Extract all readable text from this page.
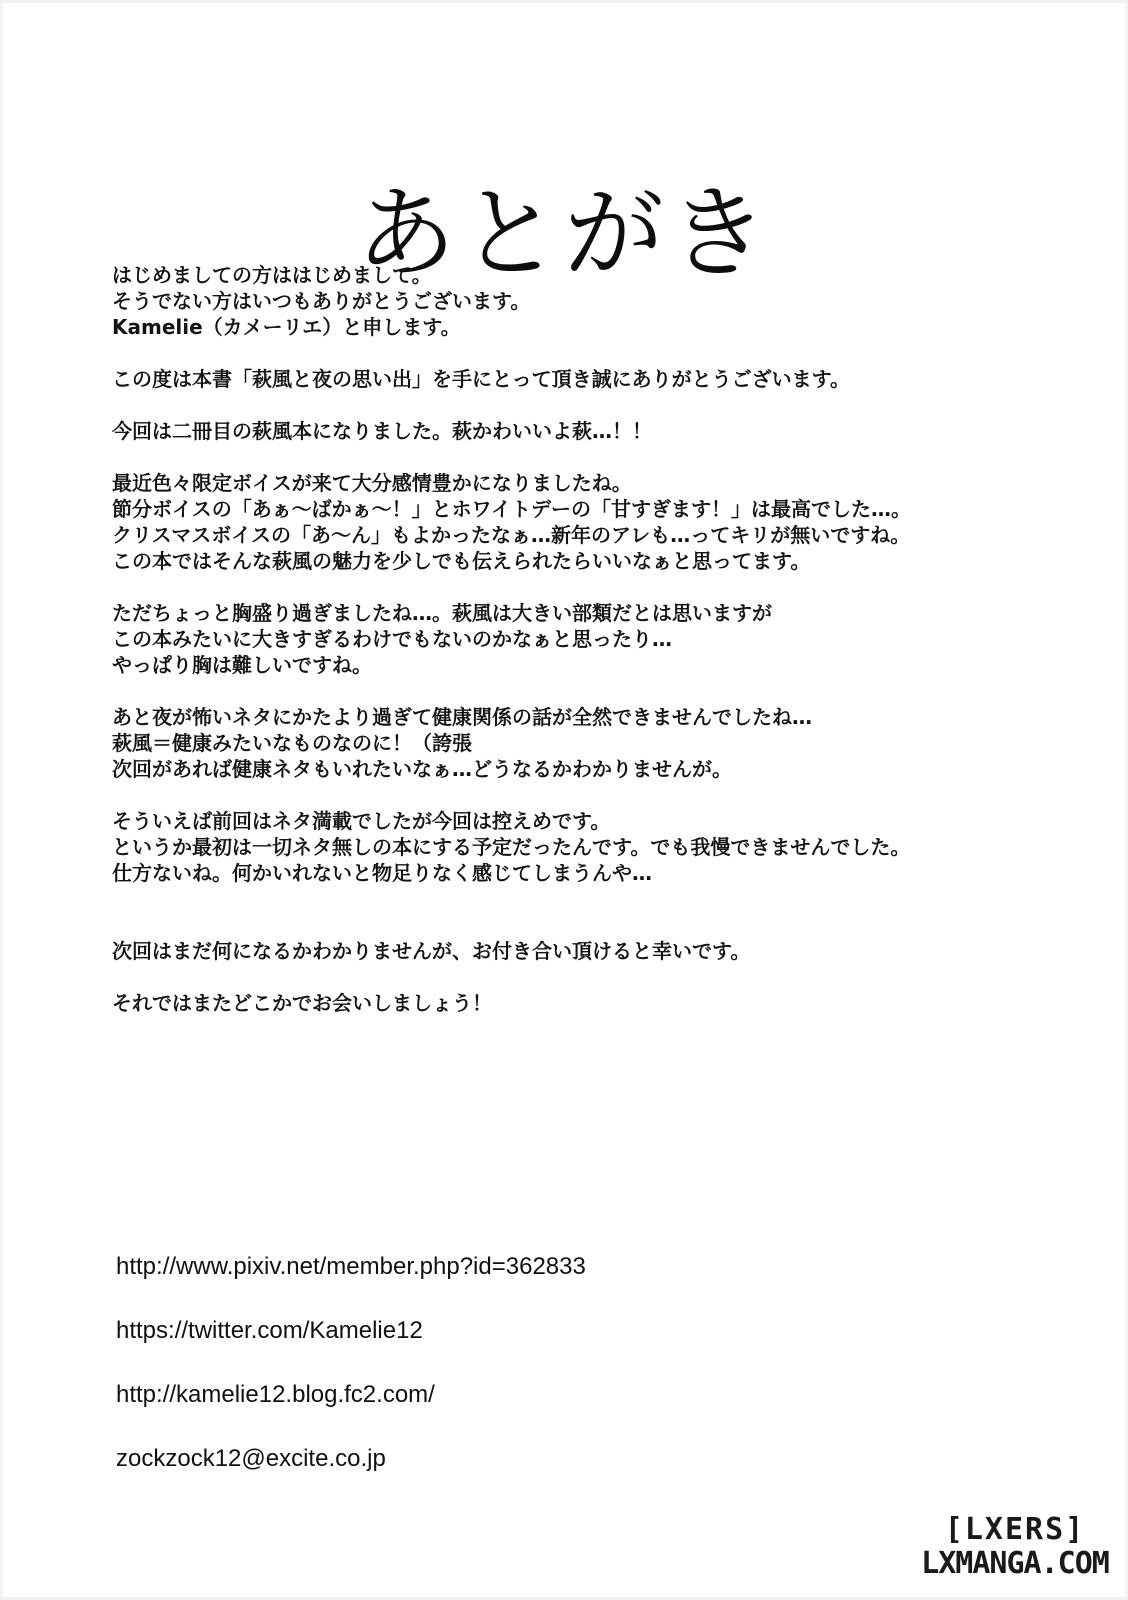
あとがき
はじめましての方ははじめまして。
そうでない方はいつもありがとうございます。
Kamelie（カメーリエ）と申します。
この度は本書「萩風と夜の思い出」を手にとって頂き誠にありがとうございます。
今回は二冊目の萩風本になりました。萩かわいいよ萩…！！
最近色々限定ボイスが来て大分感情豊かになりましたね。
節分ボイスの「あぁ～ばかぁ～！」とホワイトデーの「甘すぎます！」は最高でした…。
クリスマスボイスの「あ～ん」もよかったなぁ…新年のアレも…ってキリが無いですね。
この本ではそんな萩風の魅力を少しでも伝えられたらいいなぁと思ってます。
ただちょっと胸盛り過ぎましたね…。萩風は大きい部類だとは思いますが
この本みたいに大きすぎるわけでもないのかなぁと思ったり…
やっぱり胸は難しいですね。
あと夜が怖いネタにかたより過ぎて健康関係の話が全然できませんでしたね…
萩風＝健康みたいなものなのに！（誇張
次回があれば健康ネタもいれたいなぁ…どうなるかわかりませんが。
そういえば前回はネタ満載でしたが今回は控えめです。
というか最初は一切ネタ無しの本にする予定だったんです。でも我慢できませんでした。
仕方ないね。何かいれないと物足りなく感じてしまうんや…
次回はまだ何になるかわかりませんが、お付き合い頂けると幸いです。
それではまたどこかでお会いしましょう！
http://www.pixiv.net/member.php?id=362833
https://twitter.com/Kamelie12
http://kamelie12.blog.fc2.com/
zockzock12@excite.co.jp
[LXERS]
LXMANGA.COM
